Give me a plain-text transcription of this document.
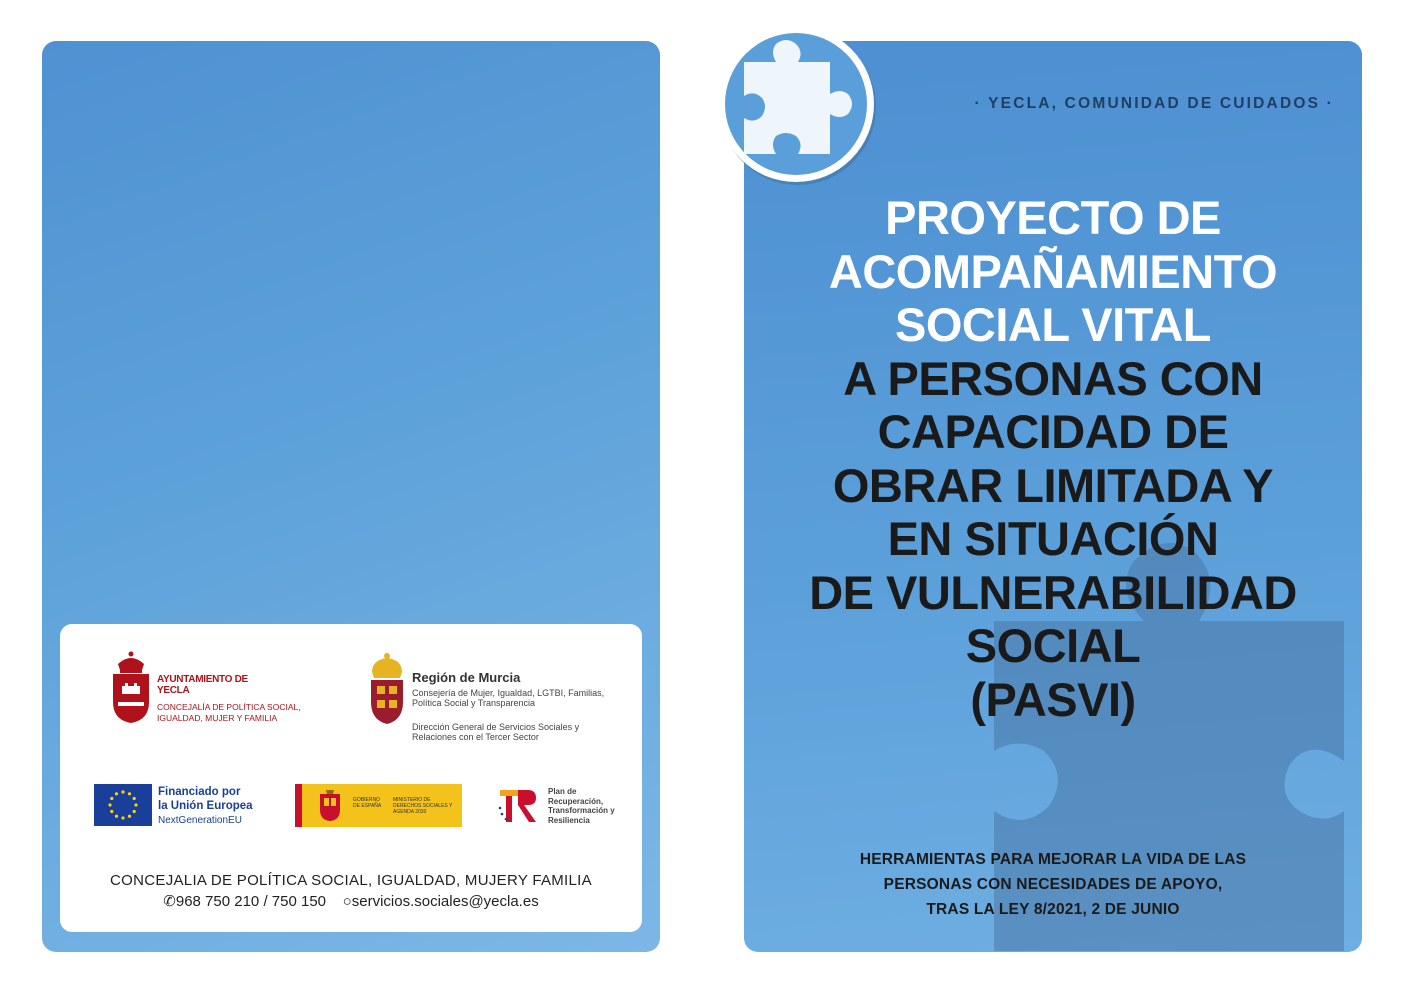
AYUNTAMIENTO DE YECLA
CONCEJALÍA DE POLÍTICA SOCIAL, IGUALDAD, MUJER Y FAMILIA
Región de Murcia
Consejería de Mujer, Igualdad, LGTBI, Familias, Política Social y Transparencia
Dirección General de Servicios Sociales y Relaciones con el Tercer Sector
Financiado por
la Unión Europea
NextGenerationEU
GOBIERNO DE ESPAÑA
MINISTERIO DE DERECHOS SOCIALES Y AGENDA 2030
Plan de Recuperación, Transformación y Resiliencia
CONCEJALIA DE POLÍTICA SOCIAL, IGUALDAD, MUJERY FAMILIA
✆968 750 210 / 750 150 ○servicios.sociales@yecla.es
· YECLA, COMUNIDAD DE CUIDADOS ·
PROYECTO DE
ACOMPAÑAMIENTO
SOCIAL VITAL
A PERSONAS CON
CAPACIDAD DE
OBRAR LIMITADA Y
EN SITUACIÓN
DE VULNERABILIDAD
SOCIAL
(PASVI)
HERRAMIENTAS PARA MEJORAR LA VIDA DE LAS
PERSONAS CON NECESIDADES DE APOYO,
TRAS LA LEY 8/2021, 2 DE JUNIO
